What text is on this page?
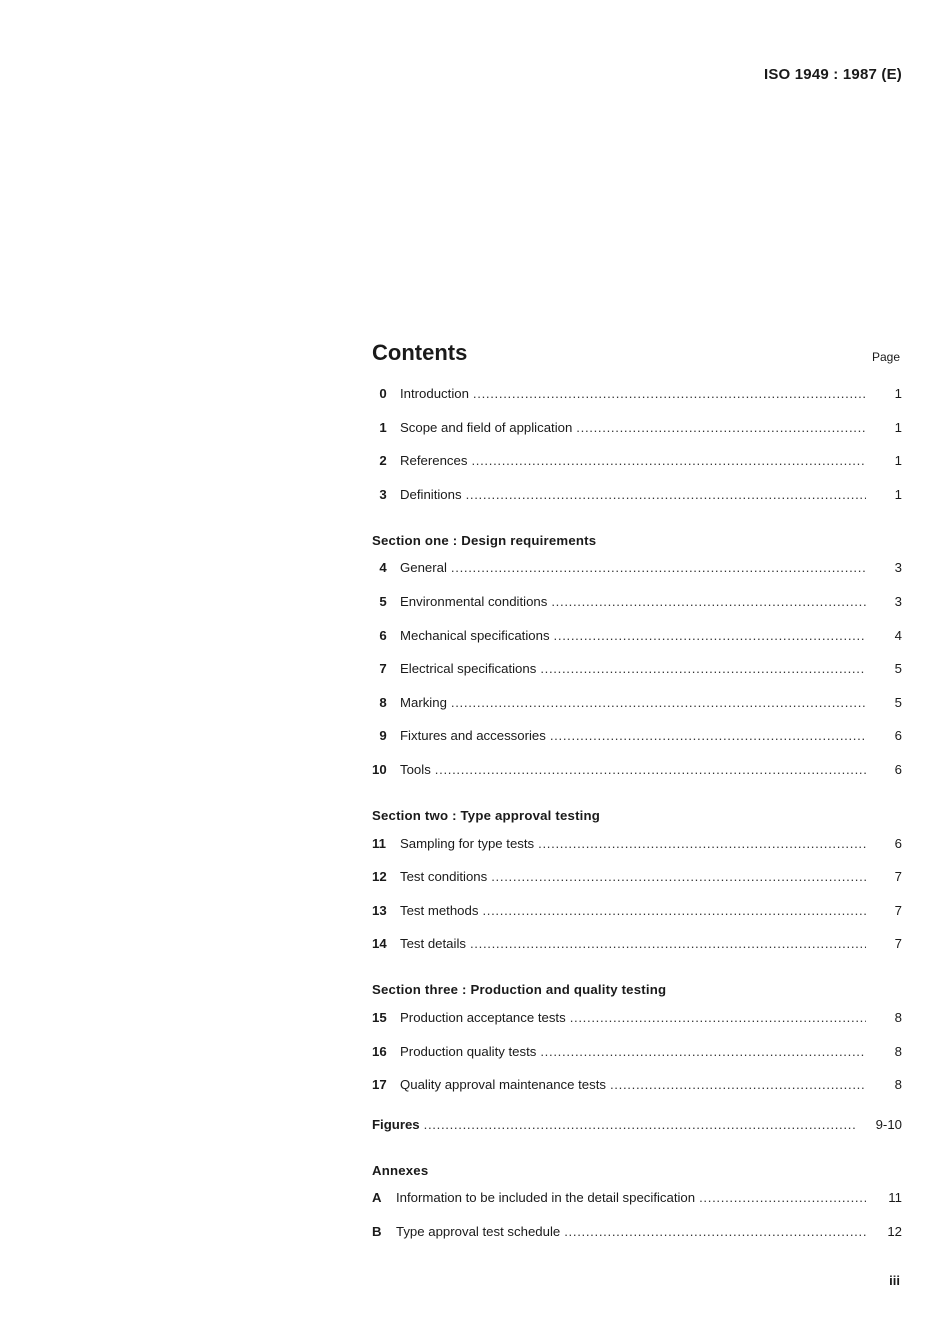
ISO 1949 : 1987 (E)
Contents	Page
0	Introduction . . .	1
1	Scope and field of application . . .	1
2	References . . .	1
3	Definitions . . .	1
Section one : Design requirements
4	General . . .	3
5	Environmental conditions . . .	3
6	Mechanical specifications . . .	4
7	Electrical specifications . . .	5
8	Marking . . .	5
9	Fixtures and accessories . . .	6
10	Tools . . .	6
Section two : Type approval testing
11	Sampling for type tests . . .	6
12	Test conditions . . .	7
13	Test methods . . .	7
14	Test details . . .	7
Section three : Production and quality testing
15	Production acceptance tests . . .	8
16	Production quality tests . . .	8
17	Quality approval maintenance tests . . .	8
Figures . . .	9-10
Annexes
A	Information to be included in the detail specification . . .	11
B	Type approval test schedule . . .	12
iii
